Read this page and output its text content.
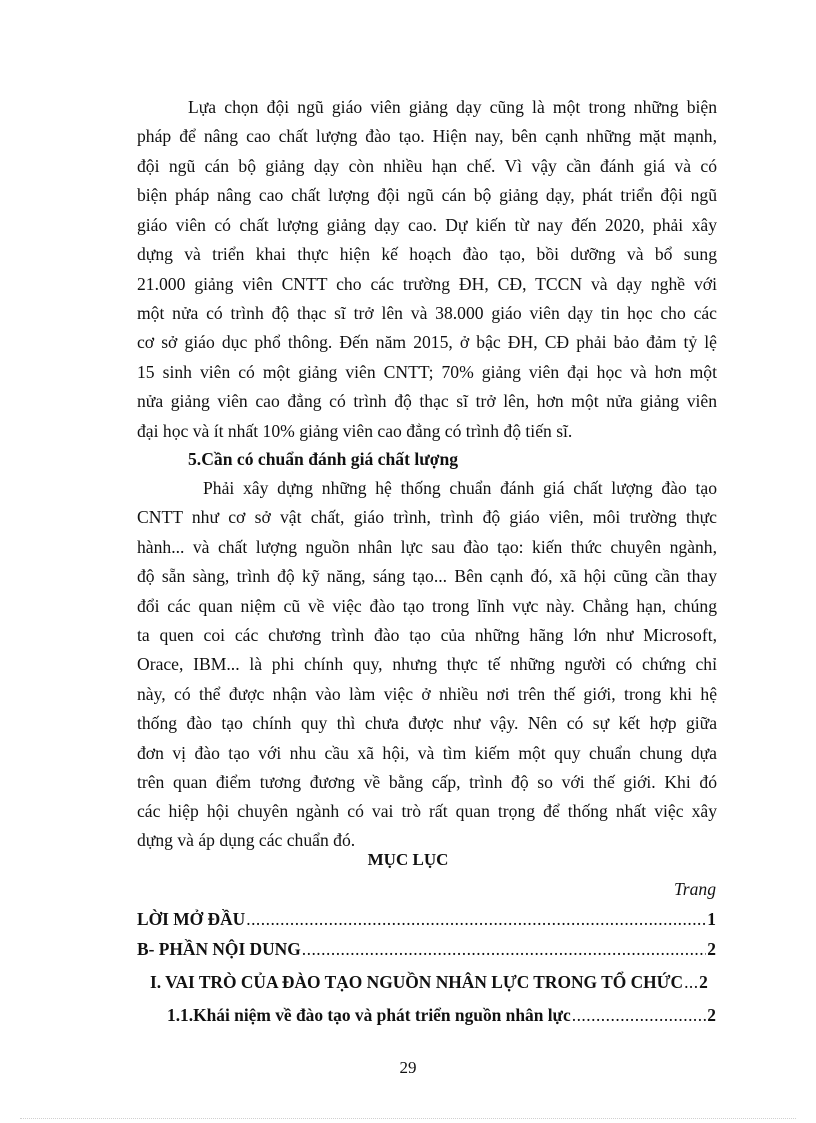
Lựa chọn đội ngũ giáo viên giảng dạy cũng là một trong những biện
pháp để nâng cao chất lượng đào tạo. Hiện nay, bên cạnh những mặt mạnh,
đội ngũ cán bộ giảng dạy còn nhiều hạn chế. Vì vậy cần đánh giá và có
biện pháp nâng cao chất lượng đội ngũ cán bộ giảng dạy, phát triển đội ngũ
giáo viên có chất lượng giảng dạy cao. Dự kiến từ nay đến 2020, phải xây
dựng và triển khai thực hiện kế hoạch đào tạo, bồi dưỡng và bổ sung
21.000 giảng viên CNTT cho các trường ĐH, CĐ, TCCN và dạy nghề với
một nửa có trình độ thạc sĩ trở lên và 38.000 giáo viên dạy tin học cho các
cơ sở giáo dục phổ thông. Đến năm 2015, ở bậc ĐH, CĐ phải bảo đảm tỷ lệ
15 sinh viên có một giảng viên CNTT; 70% giảng viên đại học và hơn một
nửa giảng viên cao đẳng có trình độ thạc sĩ trở lên, hơn một nửa giảng viên
đại học và ít nhất 10% giảng viên cao đẳng có trình độ tiến sĩ.
5.Cần có chuẩn đánh giá chất lượng
Phải xây dựng những hệ thống chuẩn đánh giá chất lượng đào tạo
CNTT như cơ sở vật chất, giáo trình, trình độ giáo viên, môi trường thực
hành... và chất lượng nguồn nhân lực sau đào tạo: kiến thức chuyên ngành,
độ sẵn sàng, trình độ kỹ năng, sáng tạo... Bên cạnh đó, xã hội cũng cần thay
đổi các quan niệm cũ về việc đào tạo trong lĩnh vực này. Chẳng hạn, chúng
ta quen coi các chương trình đào tạo của những hãng lớn như Microsoft,
Orace, IBM... là phi chính quy, nhưng thực tế những người có chứng chỉ
này, có thể được nhận vào làm việc ở nhiều nơi trên thế giới, trong khi hệ
thống đào tạo chính quy thì chưa được như vậy. Nên có sự kết hợp giữa
đơn vị đào tạo với nhu cầu xã hội, và tìm kiếm một quy chuẩn chung dựa
trên quan điểm tương đương về bằng cấp, trình độ so với thế giới. Khi đó
các hiệp hội chuyên ngành có vai trò rất quan trọng để thống nhất việc xây
dựng và áp dụng các chuẩn đó.
MỤC LỤC
Trang
LỜI MỞ ĐẦU .....	1
B- PHẦN NỘI DUNG .....	2
I. VAI TRÒ CỦA ĐÀO TẠO NGUỒN NHÂN LỰC TRONG TỔ CHỨC ..... 2
1.1.Khái niệm về đào tạo và phát triển nguồn nhân lực .....	2
29
